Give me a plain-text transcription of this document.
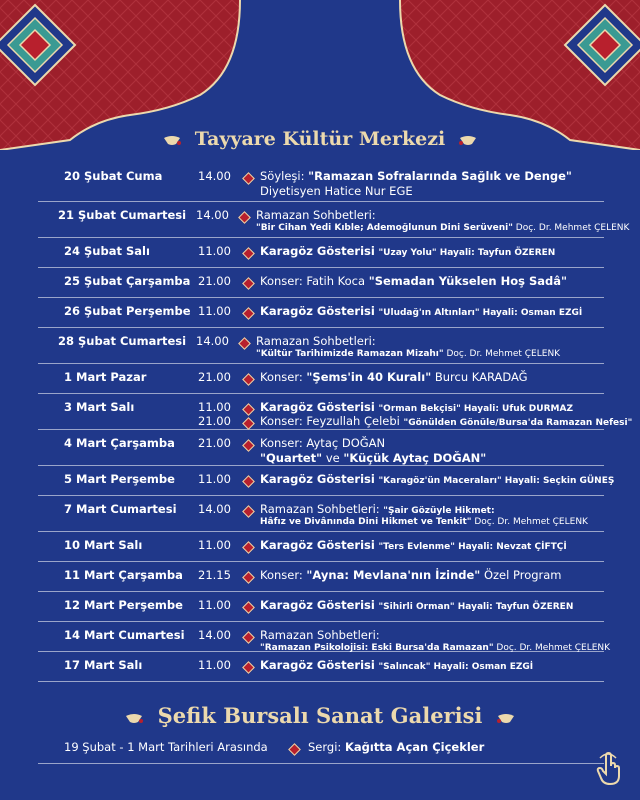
Tayyare Kültür Merkezi
20 Şubat Cuma	14.00	Söyleşi: "Ramazan Sofralarında Sağlık ve Denge"
Diyetisyen Hatice Nur EGE
21 Şubat Cumartesi 14.00 Ramazan Sohbetleri:
"Bir Cihan Yedi Kıble; Ademoğlunun Dini Serüveni" Doç. Dr. Mehmet ÇELENK
24 Şubat Salı	11.00	Karagöz Gösterisi "Uzay Yolu" Hayali: Tayfun ÖZEREN
25 Şubat Çarşamba 21.00	Konser: Fatih Koca "Semadan Yükselen Hoş Sadâ"
26 Şubat Perşembe 11.00	Karagöz Gösterisi "Uludağ'ın Altınları" Hayali: Osman EZGİ
28 Şubat Cumartesi 14.00 Ramazan Sohbetleri:
"Kültür Tarihimizde Ramazan Mizahı" Doç. Dr. Mehmet ÇELENK
1 Mart Pazar	21.00	Konser: "Şems'in 40 Kuralı" Burcu KARADAĞ
3 Mart Salı	11.00	Karagöz Gösterisi "Orman Bekçisi" Hayali: Ufuk DURMAZ
21.00	Konser: Feyzullah Çelebi "Gönülden Gönüle/Bursa'da Ramazan Nefesi"
4 Mart Çarşamba 21.00	Konser: Aytaç DOĞAN
"Quartet" ve "Küçük Aytaç DOĞAN"
5 Mart Perşembe 11.00	Karagöz Gösterisi "Karagöz'ün Maceraları" Hayali: Seçkin GÜNEŞ
7 Mart Cumartesi 14.00	Ramazan Sohbetleri: "Şair Gözüyle Hikmet:
Hâfız ve Divânında Dini Hikmet ve Tenkit" Doç. Dr. Mehmet ÇELENK
10 Mart Salı	11.00	Karagöz Gösterisi "Ters Evlenme" Hayali: Nevzat ÇİFTÇİ
11 Mart Çarşamba 21.15	Konser: "Ayna: Mevlana'nın İzinde" Özel Program
12 Mart Perşembe 11.00	Karagöz Gösterisi "Sihirli Orman" Hayali: Tayfun ÖZEREN
14 Mart Cumartesi 14.00	Ramazan Sohbetleri:
"Ramazan Psikolojisi: Eski Bursa'da Ramazan" Doç. Dr. Mehmet ÇELENK
17 Mart Salı	11.00	Karagöz Gösterisi "Salıncak" Hayali: Osman EZGİ
Şefik Bursalı Sanat Galerisi
19 Şubat - 1 Mart Tarihleri Arasında	Sergi: Kağıtta Açan Çiçekler
